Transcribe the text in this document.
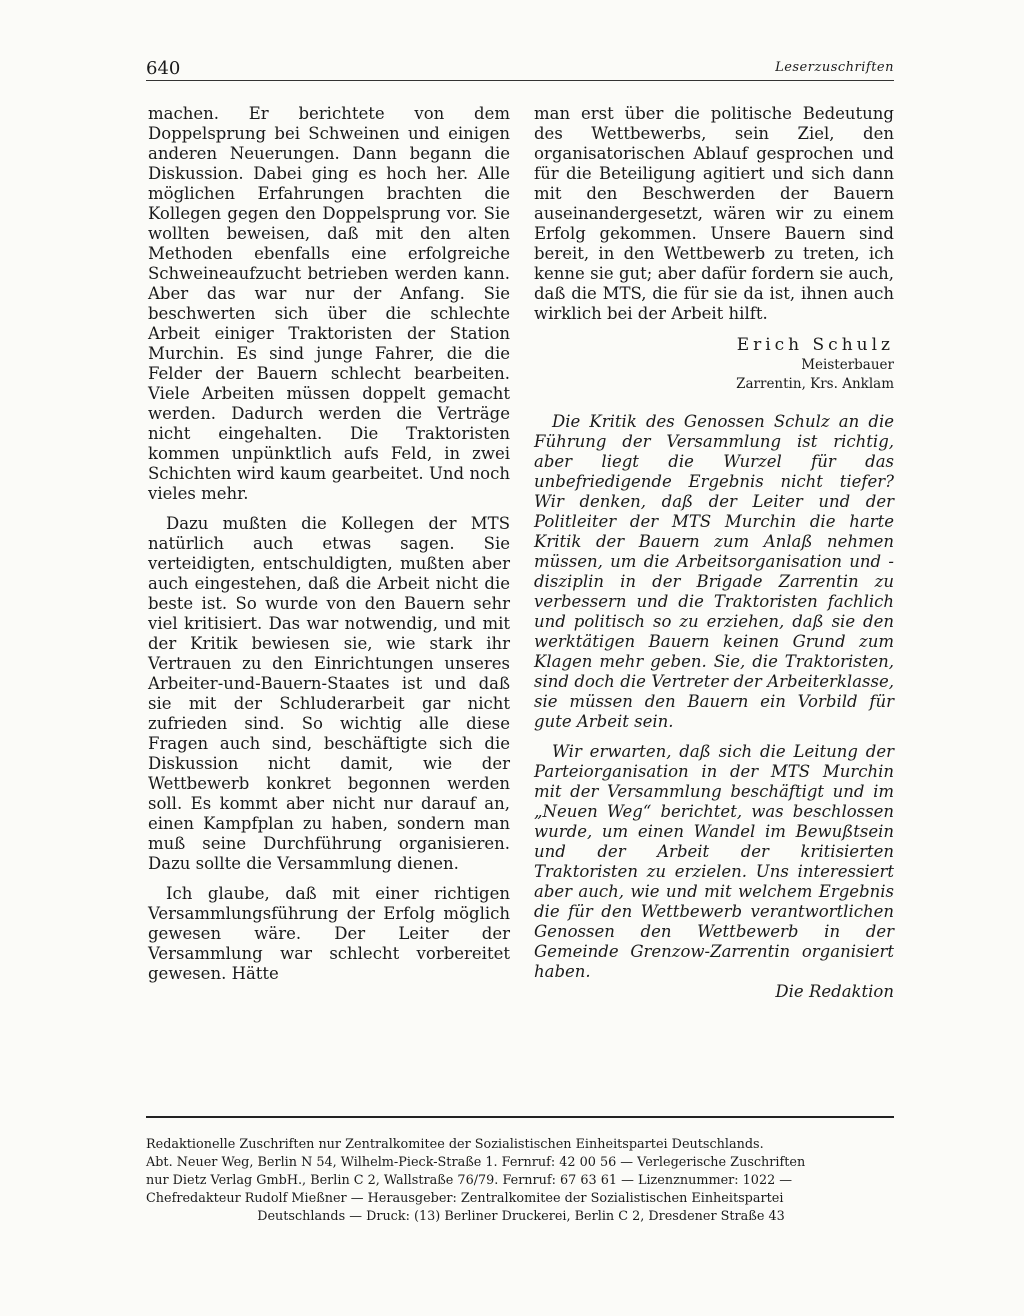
640	Leserzuschriften

machen. Er berichtete von dem Doppelsprung bei Schweinen und einigen anderen Neuerungen. Dann begann die Diskussion. Dabei ging es hoch her. Alle möglichen Erfahrungen brachten die Kollegen gegen den Doppelsprung vor. Sie wollten beweisen, daß mit den alten Methoden ebenfalls eine erfolgreiche Schweineaufzucht betrieben werden kann. Aber das war nur der Anfang. Sie beschwerten sich über die schlechte Arbeit einiger Traktoristen der Station Murchin. Es sind junge Fahrer, die die Felder der Bauern schlecht bearbeiten. Viele Arbeiten müssen doppelt gemacht werden. Dadurch werden die Verträge nicht eingehalten. Die Traktoristen kommen unpünktlich aufs Feld, in zwei Schichten wird kaum gearbeitet. Und noch vieles mehr.

Dazu mußten die Kollegen der MTS natürlich auch etwas sagen. Sie verteidigten, entschuldigten, mußten aber auch eingestehen, daß die Arbeit nicht die beste ist. So wurde von den Bauern sehr viel kritisiert. Das war notwendig, und mit der Kritik bewiesen sie, wie stark ihr Vertrauen zu den Einrichtungen unseres Arbeiter-und-Bauern-Staates ist und daß sie mit der Schluderarbeit gar nicht zufrieden sind. So wichtig alle diese Fragen auch sind, beschäftigte sich die Diskussion nicht damit, wie der Wettbewerb konkret begonnen werden soll. Es kommt aber nicht nur darauf an, einen Kampfplan zu haben, sondern man muß seine Durchführung organisieren. Dazu sollte die Versammlung dienen.

Ich glaube, daß mit einer richtigen Versammlungsführung der Erfolg möglich gewesen wäre. Der Leiter der Versammlung war schlecht vorbereitet gewesen. Hätte

man erst über die politische Bedeutung des Wettbewerbs, sein Ziel, den organisatorischen Ablauf gesprochen und für die Beteiligung agitiert und sich dann mit den Beschwerden der Bauern auseinandergesetzt, wären wir zu einem Erfolg gekommen. Unsere Bauern sind bereit, in den Wettbewerb zu treten, ich kenne sie gut; aber dafür fordern sie auch, daß die MTS, die für sie da ist, ihnen auch wirklich bei der Arbeit hilft.

Erich Schulz
Meisterbauer
Zarrentin, Krs. Anklam

Die Kritik des Genossen Schulz an die Führung der Versammlung ist richtig, aber liegt die Wurzel für das unbefriedigende Ergebnis nicht tiefer? Wir denken, daß der Leiter und der Politleiter der MTS Murchin die harte Kritik der Bauern zum Anlaß nehmen müssen, um die Arbeitsorganisation und -disziplin in der Brigade Zarrentin zu verbessern und die Traktoristen fachlich und politisch so zu erziehen, daß sie den werktätigen Bauern keinen Grund zum Klagen mehr geben. Sie, die Traktoristen, sind doch die Vertreter der Arbeiterklasse, sie müssen den Bauern ein Vorbild für gute Arbeit sein.

Wir erwarten, daß sich die Leitung der Parteiorganisation in der MTS Murchin mit der Versammlung beschäftigt und im „Neuen Weg“ berichtet, was beschlossen wurde, um einen Wandel im Bewußtsein und der Arbeit der kritisierten Traktoristen zu erzielen. Uns interessiert aber auch, wie und mit welchem Ergebnis die für den Wettbewerb verantwortlichen Genossen den Wettbewerb in der Gemeinde Grenzow-Zarrentin organisiert haben.

Die Redaktion
Redaktionelle Zuschriften nur Zentralkomitee der Sozialistischen Einheitspartei Deutschlands.
Abt. Neuer Weg, Berlin N 54, Wilhelm-Pieck-Straße 1. Fernruf: 42 00 56 — Verlegerische Zuschriften
nur Dietz Verlag GmbH., Berlin C 2, Wallstraße 76/79. Fernruf: 67 63 61 — Lizenznummer: 1022 —
Chefredakteur Rudolf Mießner — Herausgeber: Zentralkomitee der Sozialistischen Einheitspartei
Deutschlands — Druck: (13) Berliner Druckerei, Berlin C 2, Dresdener Straße 43
